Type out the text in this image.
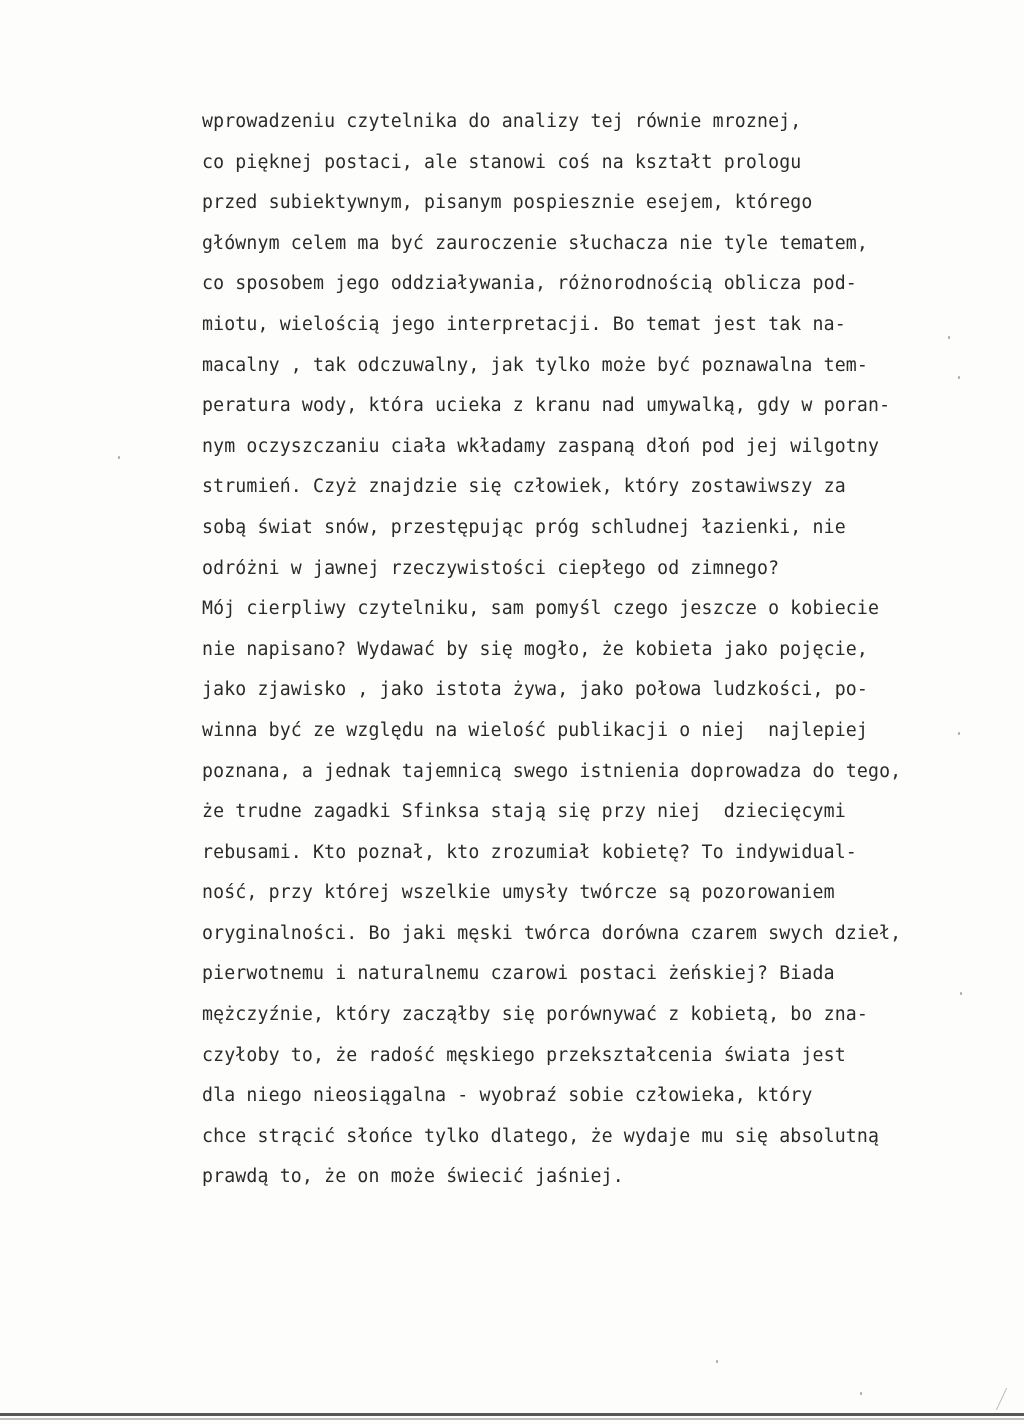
wprowadzeniu czytelnika do analizy tej równie mroznej,
co pięknej postaci, ale stanowi coś na kształt prologu
przed subiektywnym, pisanym pospiesznie esejem, którego
głównym celem ma być zauroczenie słuchacza nie tyle tematem,
co sposobem jego oddziaływania, różnorodnością oblicza pod-
miotu, wielością jego interpretacji. Bo temat jest tak na-
macalny , tak odczuwalny, jak tylko może być poznawalna tem-
peratura wody, która ucieka z kranu nad umywalką, gdy w poran-
nym oczyszczaniu ciała wkładamy zaspaną dłoń pod jej wilgotny
strumień. Czyż znajdzie się człowiek, który zostawiwszy za
sobą świat snów, przestępując próg schludnej łazienki, nie
odróżni w jawnej rzeczywistości ciepłego od zimnego?
Mój cierpliwy czytelniku, sam pomyśl czego jeszcze o kobiecie
nie napisano? Wydawać by się mogło, że kobieta jako pojęcie,
jako zjawisko , jako istota żywa, jako połowa ludzkości, po-
winna być ze względu na wielość publikacji o niej  najlepiej
poznana, a jednak tajemnicą swego istnienia doprowadza do tego,
że trudne zagadki Sfinksa stają się przy niej  dziecięcymi
rebusami. Kto poznał, kto zrozumiał kobietę? To indywidual-
ność, przy której wszelkie umysły twórcze są pozorowaniem
oryginalności. Bo jaki męski twórca dorówna czarem swych dzieł,
pierwotnemu i naturalnemu czarowi postaci żeńskiej? Biada
mężczyźnie, który zacząłby się porównywać z kobietą, bo zna-
czyłoby to, że radość męskiego przekształcenia świata jest
dla niego nieosiągalna - wyobraź sobie człowieka, który
chce strącić słońce tylko dlatego, że wydaje mu się absolutną
prawdą to, że on może świecić jaśniej.
